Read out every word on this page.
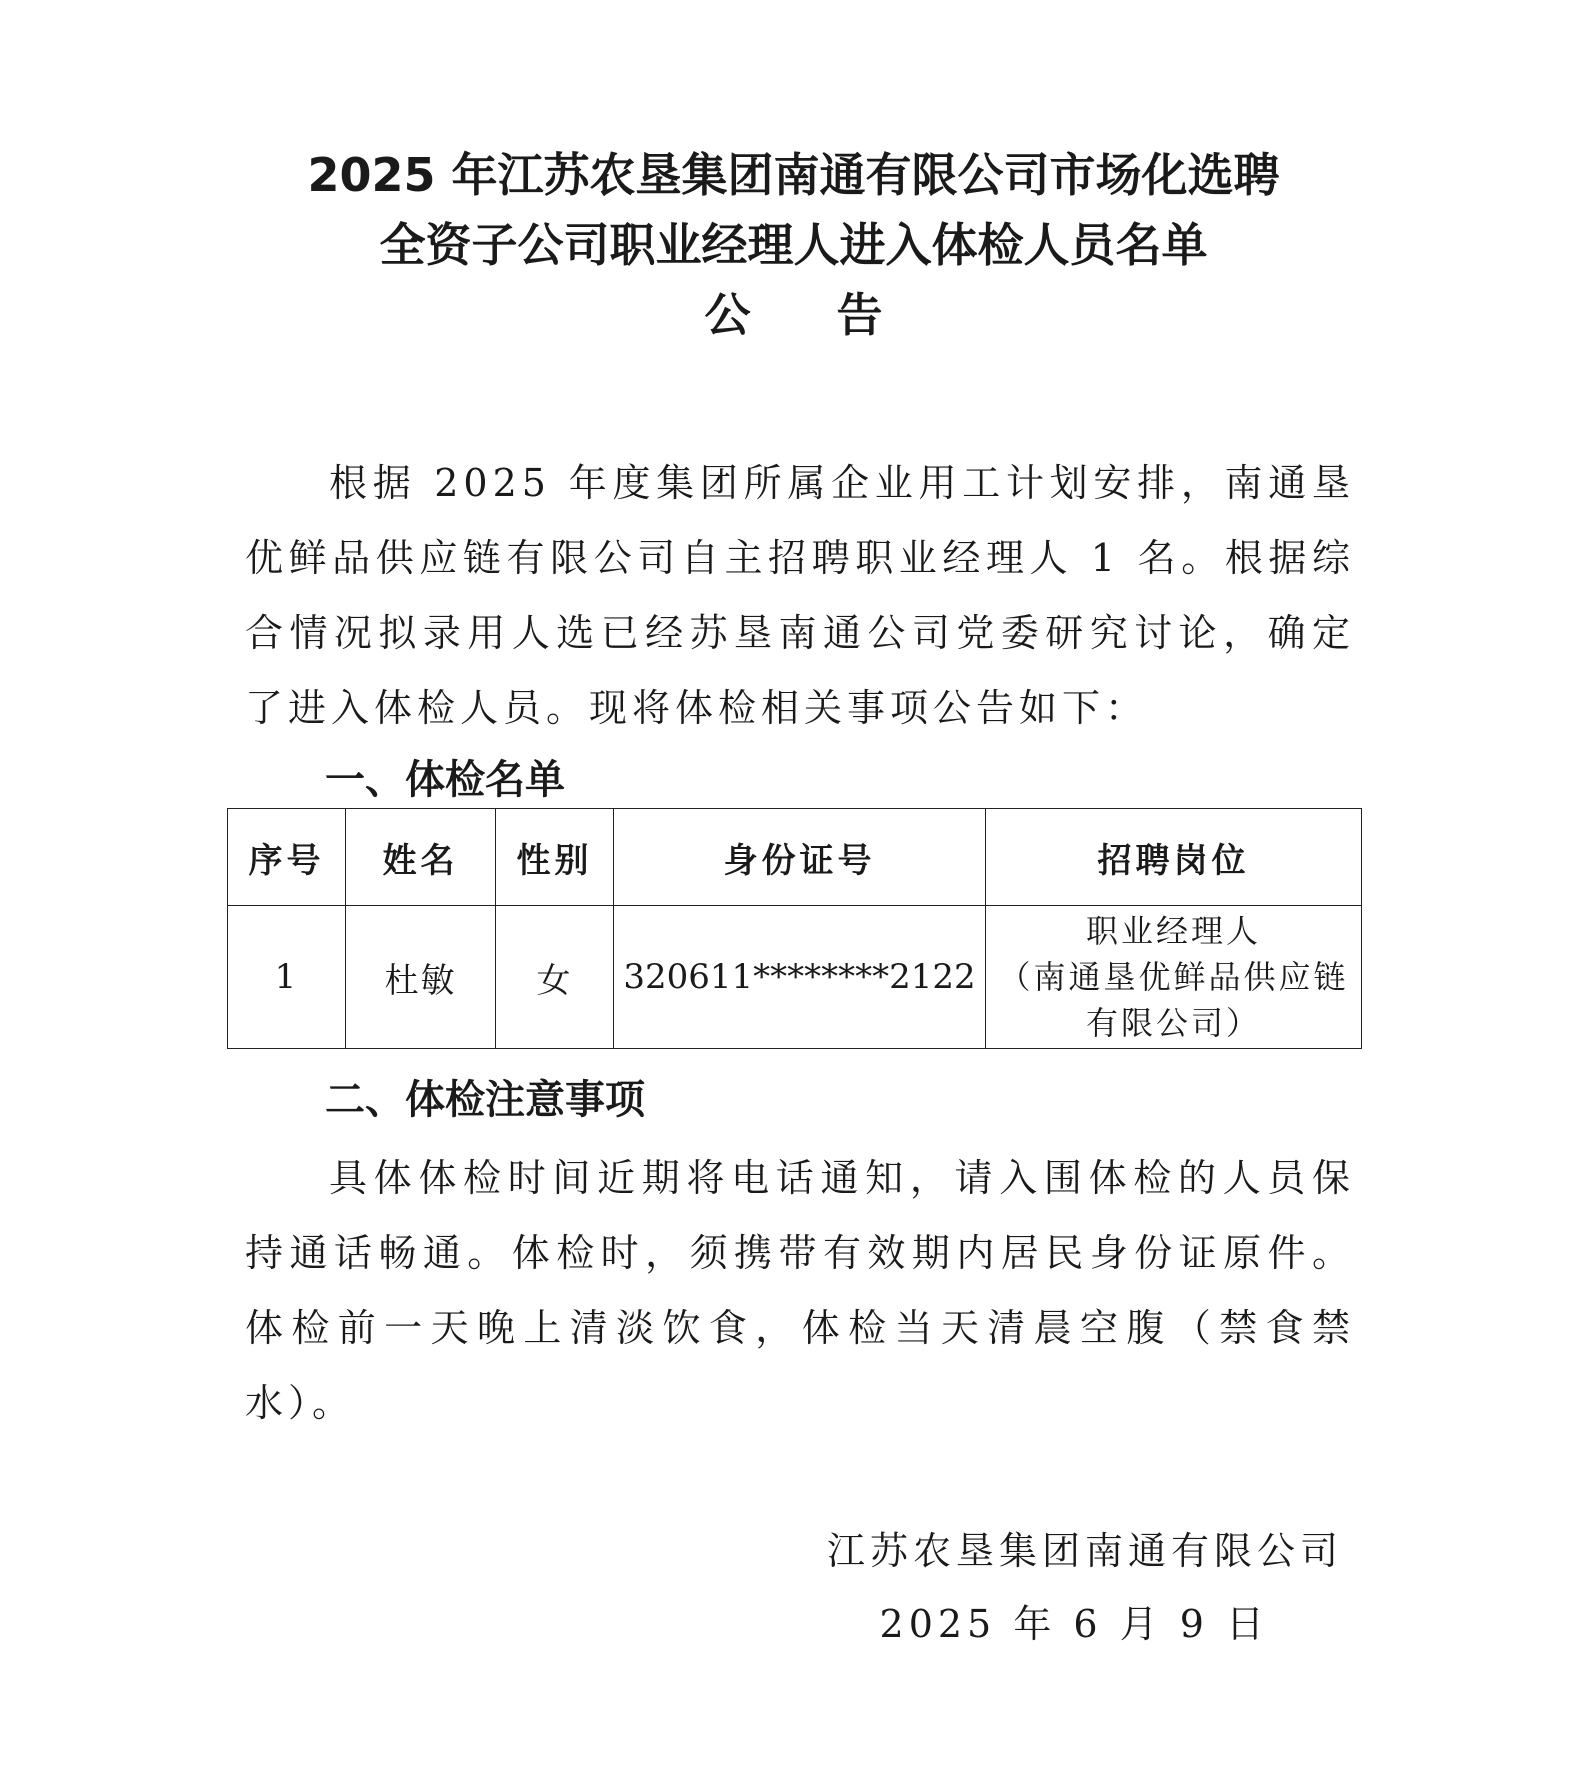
2025 年江苏农垦集团南通有限公司市场化选聘
全资子公司职业经理人进入体检人员名单
公告
根据 2025 年度集团所属企业用工计划安排，南通垦优鲜品供应链有限公司自主招聘职业经理人 1 名。根据综合情况拟录用人选已经苏垦南通公司党委研究讨论，确定了进入体检人员。现将体检相关事项公告如下：
一、体检名单
序号	姓名	性别	身份证号	招聘岗位
1	杜敏	女	320611********2122	职业经理人
（南通垦优鲜品供应链
有限公司）
二、体检注意事项
具体体检时间近期将电话通知，请入围体检的人员保持通话畅通。体检时，须携带有效期内居民身份证原件。体检前一天晚上清淡饮食，体检当天清晨空腹（禁食禁水）。
江苏农垦集团南通有限公司
2025 年 6 月 9 日
